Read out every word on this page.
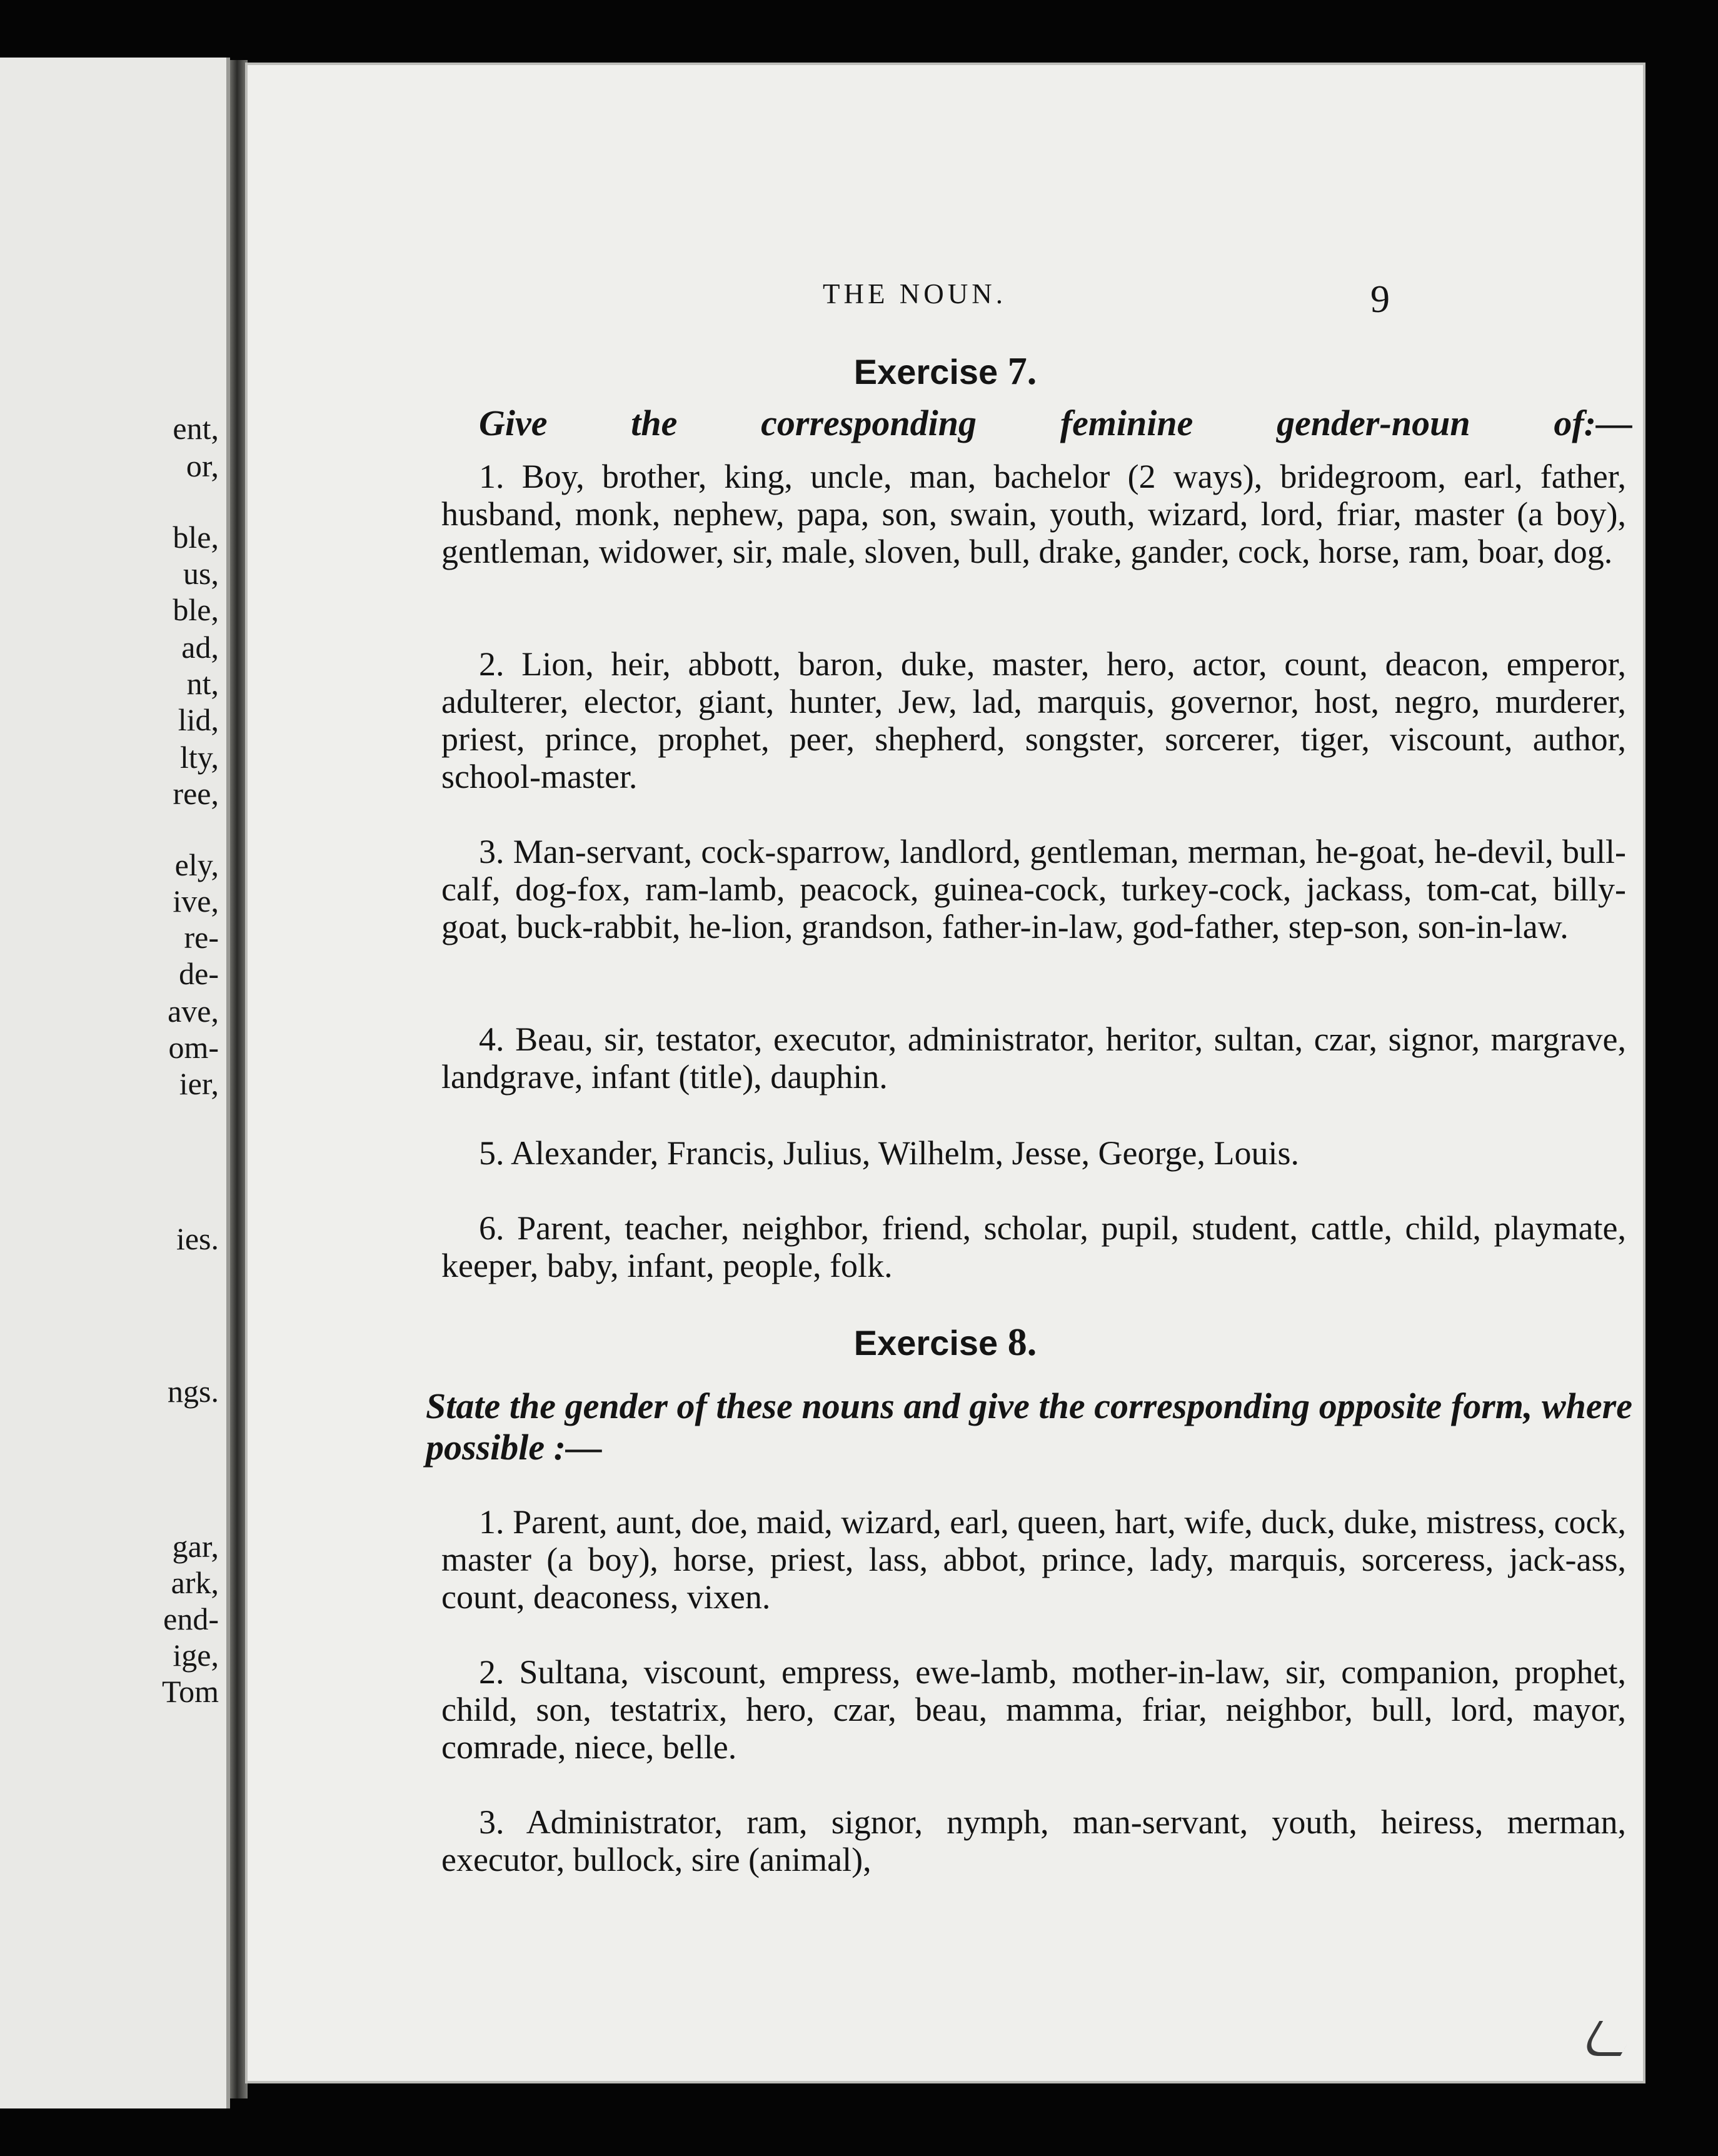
ent,
or,
ble,
us,
ble,
ad,
nt,
lid,
lty,
ree,
ely,
ive,
re-
de-
ave,
om-
ier,
ies.
ngs.
gar,
ark,
end-
ige,
Tom
THE NOUN.	9
Exercise 7.
Give the corresponding feminine gender-noun of:—
1. Boy, brother, king, uncle, man, bachelor (2 ways), bridegroom, earl, father, husband, monk, nephew, papa, son, swain, youth, wizard, lord, friar, master (a boy), gentleman, widower, sir, male, sloven, bull, drake, gander, cock, horse, ram, boar, dog.
2. Lion, heir, abbott, baron, duke, master, hero, actor, count, deacon, emperor, adulterer, elector, giant, hunter, Jew, lad, marquis, governor, host, negro, murderer, priest, prince, prophet, peer, shepherd, songster, sorcerer, tiger, viscount, author, school-master.
3. Man-servant, cock-sparrow, landlord, gentleman, merman, he-goat, he-devil, bull-calf, dog-fox, ram-lamb, peacock, guinea-cock, turkey-cock, jackass, tom-cat, billy-goat, buck-rabbit, he-lion, grandson, father-in-law, god-father, step-son, son-in-law.
4. Beau, sir, testator, executor, administrator, heritor, sultan, czar, signor, margrave, landgrave, infant (title), dauphin.
5. Alexander, Francis, Julius, Wilhelm, Jesse, George, Louis.
6. Parent, teacher, neighbor, friend, scholar, pupil, student, cattle, child, playmate, keeper, baby, infant, people, folk.
Exercise 8.
State the gender of these nouns and give the corresponding opposite form, where possible :—
1. Parent, aunt, doe, maid, wizard, earl, queen, hart, wife, duck, duke, mistress, cock, master (a boy), horse, priest, lass, abbot, prince, lady, marquis, sorceress, jack-ass, count, deaconess, vixen.
2. Sultana, viscount, empress, ewe-lamb, mother-in-law, sir, companion, prophet, child, son, testatrix, hero, czar, beau, mamma, friar, neighbor, bull, lord, mayor, comrade, niece, belle.
3. Administrator, ram, signor, nymph, man-servant, youth, heiress, merman, executor, bullock, sire (animal),
